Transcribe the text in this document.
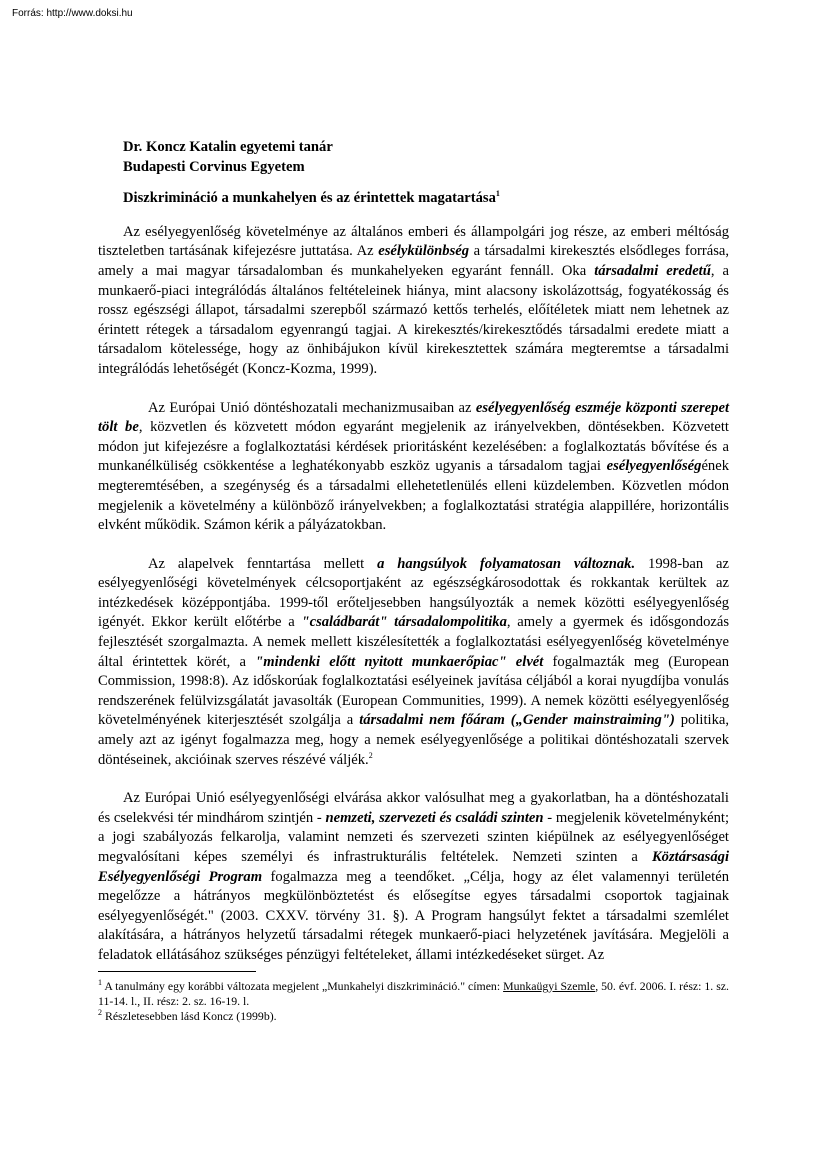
Forrás: http://www.doksi.hu
Dr. Koncz Katalin egyetemi tanár
Budapesti Corvinus Egyetem
Diszkrimináció a munkahelyen és az érintettek magatartása$^1$

Az esélyegyenlőség követelménye az általános emberi és állampolgári jog része, az emberi méltóság tiszteletben tartásának kifejezésre juttatása. Az esélykülönbség a társadalmi kirekesztés elsődleges forrása, amely a mai magyar társadalomban és munkahelyeken egyaránt fennáll. Oka társadalmi eredetű, a munkaerő-piaci integrálódás általános feltételeinek hiánya, mint alacsony iskolázottság, fogyatékosság és rossz egészségi állapot, társadalmi szerepből származó kettős terhelés, előítéletek miatt nem lehetnek az érintett rétegek a társadalom egyenrangú tagjai. A kirekesztés/kirekesztődés társadalmi eredete miatt a társadalom kötelessége, hogy az önhibájukon kívül kirekesztettek számára megteremtse a társadalmi integrálódás lehetőségét (Koncz-Kozma, 1999).

Az Európai Unió döntéshozatali mechanizmusaiban az esélyegyenlőség eszméje központi szerepet tölt be, közvetlen és közvetett módon egyaránt megjelenik az irányelvekben, döntésekben. Közvetett módon jut kifejezésre a foglalkoztatási kérdések prioritásként kezelésében: a foglalkoztatás bővítése és a munkanélküliség csökkentése a leghatékonyabb eszköz ugyanis a társadalom tagjai esélyegyenlőségének megteremtésében, a szegénység és a társadalmi ellehetetlenülés elleni küzdelemben. Közvetlen módon megjelenik a követelmény a különböző irányelvekben; a foglalkoztatási stratégia alappillére, horizontális elvként működik. Számon kérik a pályázatokban.

Az alapelvek fenntartása mellett a hangsúlyok folyamatosan változnak. 1998-ban az esélyegyenlőségi követelmények célcsoportjaként az egészségkárosodottak és rokkantak kerültek az intézkedések középpontjába. 1999-től erőteljesebben hangsúlyozták a nemek közötti esélyegyenlőség igényét. Ekkor került előtérbe a "családbarát" társadalompolitika, amely a gyermek és idősgondozás fejlesztését szorgalmazta. A nemek mellett kiszélesítették a foglalkoztatási esélyegyenlőség követelménye által érintettek körét, a "mindenki előtt nyitott munkaerőpiac" elvét fogalmazták meg (European Commission, 1998:8). Az időskorúak foglalkoztatási esélyeinek javítása céljából a korai nyugdíjba vonulás rendszerének felülvizsgálatát javasolták (European Communities, 1999). A nemek közötti esélyegyenlőség követelményének kiterjesztését szolgálja a társadalmi nem főáram („Gender mainstraiming") politika, amely azt az igényt fogalmazza meg, hogy a nemek esélyegyenlősége a politikai döntéshozatali szervek döntéseinek, akcióinak szerves részévé váljék.$^2$

Az Európai Unió esélyegyenlőségi elvárása akkor valósulhat meg a gyakorlatban, ha a döntéshozatali és cselekvési tér mindhárom szintjén - nemzeti, szervezeti és családi szinten - megjelenik követelményként; a jogi szabályozás felkarolja, valamint nemzeti és szervezeti szinten kiépülnek az esélyegyenlőséget megvalósítani képes személyi és infrastrukturális feltételek. Nemzeti szinten a Köztársasági Esélyegyenlőségi Program fogalmazza meg a teendőket. „Célja, hogy az élet valamennyi területén megelőzze a hátrányos megkülönböztetést és elősegítse egyes társadalmi csoportok tagjainak esélyegyenlőségét." (2003. CXXV. törvény 31. §). A Program hangsúlyt fektet a társadalmi szemlélet alakítására, a hátrányos helyzetű társadalmi rétegek munkaerő-piaci helyzetének javítására. Megjelöli a feladatok ellátásához szükséges pénzügyi feltételeket, állami intézkedéseket sürget. Az

$^1$ A tanulmány egy korábbi változata megjelent „Munkahelyi diszkrimináció." címen: Munkaügyi Szemle, 50. évf. 2006. I. rész: 1. sz. 11-14. l., II. rész: 2. sz. 16-19. l.

$^2$ Részletesebben lásd Koncz (1999b).
